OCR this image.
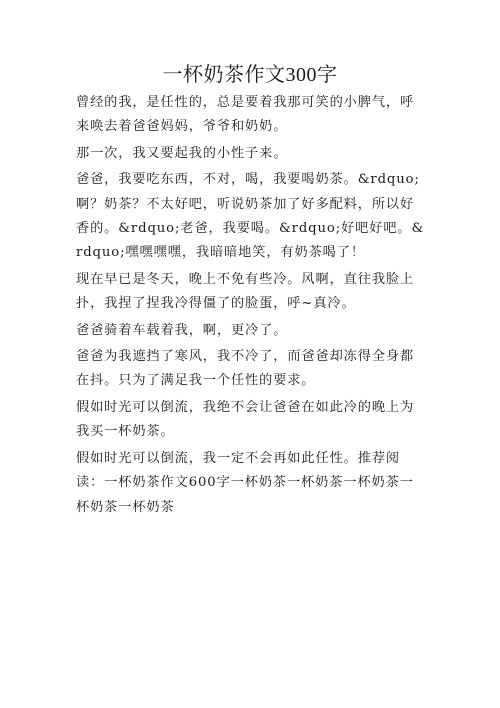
一杯奶茶作文300字

曾经的我，是任性的，总是要着我那可笑的小脾气，呼来唤去着爸爸妈妈，爷爷和奶奶。

那一次，我又要起我的小性子来。

爸爸，我要吃东西，不对，喝，我要喝奶茶。&rdquo;啊？奶茶？不太好吧，听说奶茶加了好多配料，所以好香的。&rdquo;老爸，我要喝。&rdquo;好吧好吧。&rdquo;嘿嘿嘿嘿，我暗暗地笑，有奶茶喝了！

现在早已是冬天，晚上不免有些冷。风啊，直往我脸上扑，我捏了捏我冷得僵了的脸蛋，呼~真冷。

爸爸骑着车载着我，啊，更冷了。

爸爸为我遮挡了寒风，我不冷了，而爸爸却冻得全身都在抖。只为了满足我一个任性的要求。

假如时光可以倒流，我绝不会让爸爸在如此冷的晚上为我买一杯奶茶。

假如时光可以倒流，我一定不会再如此任性。推荐阅读：一杯奶茶作文600字一杯奶茶一杯奶茶一杯奶茶一杯奶茶一杯奶茶
